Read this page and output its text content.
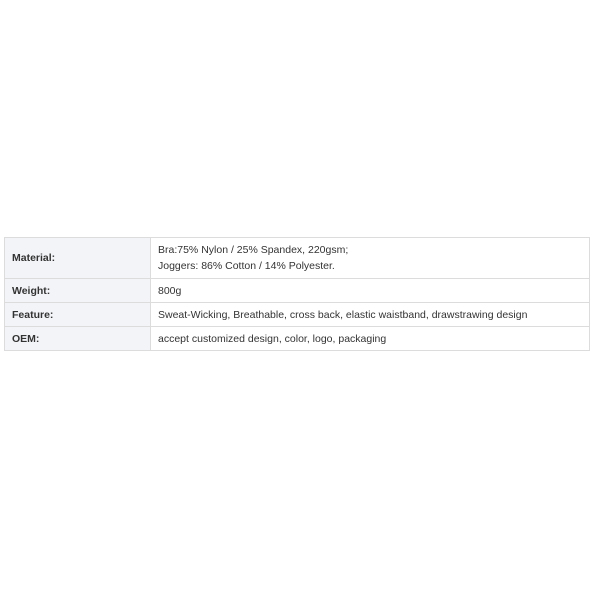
Material:	Bra:75% Nylon / 25% Spandex, 220gsm;
Joggers: 86% Cotton / 14% Polyester.

Weight:	800g

Feature:	Sweat-Wicking, Breathable, cross back, elastic waistband, drawstrawing design

OEM:	accept customized design, color, logo, packaging
